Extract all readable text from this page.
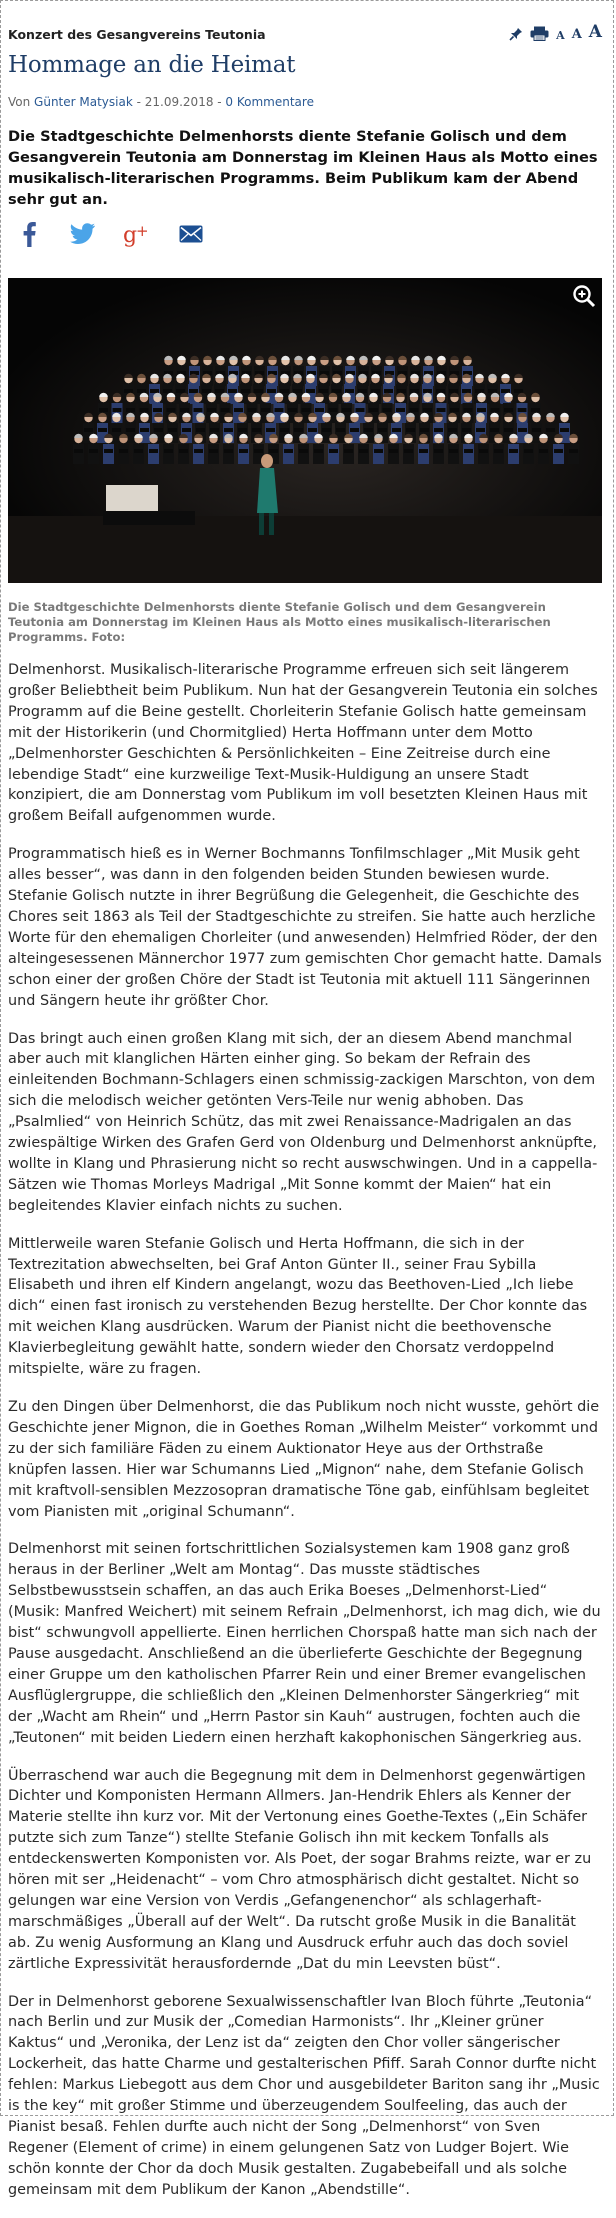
Konzert des Gesangvereins Teutonia	A A A
Hommage an die Heimat
Von Günter Matysiak - 21.09.2018 - 0 Kommentare
Die Stadtgeschichte Delmenhorsts diente Stefanie Golisch und dem Gesangverein Teutonia am Donnerstag im Kleinen Haus als Motto eines musikalisch-literarischen Programms. Beim Publikum kam der Abend sehr gut an.
g
+
Die Stadtgeschichte Delmenhorsts diente Stefanie Golisch und dem Gesangverein Teutonia am Donnerstag im Kleinen Haus als Motto eines musikalisch-literarischen Programms. Foto:

Delmenhorst. Musikalisch-literarische Programme erfreuen sich seit längerem großer Beliebtheit beim Publikum. Nun hat der Gesangverein Teutonia ein solches Programm auf die Beine gestellt. Chorleiterin Stefanie Golisch hatte gemeinsam mit der Historikerin (und Chormitglied) Herta Hoffmann unter dem Motto „Delmenhorster Geschichten & Persönlichkeiten – Eine Zeitreise durch eine lebendige Stadt“ eine kurzweilige Text-Musik-Huldigung an unsere Stadt konzipiert, die am Donnerstag vom Publikum im voll besetzten Kleinen Haus mit großem Beifall aufgenommen wurde.

Programmatisch hieß es in Werner Bochmanns Tonfilmschlager „Mit Musik geht alles besser“, was dann in den folgenden beiden Stunden bewiesen wurde. Stefanie Golisch nutzte in ihrer Begrüßung die Gelegenheit, die Geschichte des Chores seit 1863 als Teil der Stadtgeschichte zu streifen. Sie hatte auch herzliche Worte für den ehemaligen Chorleiter (und anwesenden) Helmfried Röder, der den alteingesessenen Männerchor 1977 zum gemischten Chor gemacht hatte. Damals schon einer der großen Chöre der Stadt ist Teutonia mit aktuell 111 Sängerinnen und Sängern heute ihr größter Chor.

Das bringt auch einen großen Klang mit sich, der an diesem Abend manchmal aber auch mit klanglichen Härten einher ging. So bekam der Refrain des einleitenden Bochmann-Schlagers einen schmissig-zackigen Marschton, von dem sich die melodisch weicher getönten Vers-Teile nur wenig abhoben. Das „Psalmlied“ von Heinrich Schütz, das mit zwei Renaissance-Madrigalen an das zwiespältige Wirken des Grafen Gerd von Oldenburg und Delmenhorst anknüpfte, wollte in Klang und Phrasierung nicht so recht auswschwingen. Und in a cappella-Sätzen wie Thomas Morleys Madrigal „Mit Sonne kommt der Maien“ hat ein begleitendes Klavier einfach nichts zu suchen.

Mittlerweile waren Stefanie Golisch und Herta Hoffmann, die sich in der Textrezitation abwechselten, bei Graf Anton Günter II., seiner Frau Sybilla Elisabeth und ihren elf Kindern angelangt, wozu das Beethoven-Lied „Ich liebe dich“ einen fast ironisch zu verstehenden Bezug herstellte. Der Chor konnte das mit weichen Klang ausdrücken. Warum der Pianist nicht die beethovensche Klavierbegleitung gewählt hatte, sondern wieder den Chorsatz verdoppelnd mitspielte, wäre zu fragen.

Zu den Dingen über Delmenhorst, die das Publikum noch nicht wusste, gehört die Geschichte jener Mignon, die in Goethes Roman „Wilhelm Meister“ vorkommt und zu der sich familiäre Fäden zu einem Auktionator Heye aus der Orthstraße knüpfen lassen. Hier war Schumanns Lied „Mignon“ nahe, dem Stefanie Golisch mit kraftvoll-sensiblen Mezzosopran dramatische Töne gab, einfühlsam begleitet vom Pianisten mit „original Schumann“.

Delmenhorst mit seinen fortschrittlichen Sozialsystemen kam 1908 ganz groß heraus in der Berliner „Welt am Montag“. Das musste städtisches Selbstbewusstsein schaffen, an das auch Erika Boeses „Delmenhorst-Lied“ (Musik: Manfred Weichert) mit seinem Refrain „Delmenhorst, ich mag dich, wie du bist“ schwungvoll appellierte. Einen herrlichen Chorspaß hatte man sich nach der Pause ausgedacht. Anschließend an die überlieferte Geschichte der Begegnung einer Gruppe um den katholischen Pfarrer Rein und einer Bremer evangelischen Ausflüglergruppe, die schließlich den „Kleinen Delmenhorster Sängerkrieg“ mit der „Wacht am Rhein“ und „Herrn Pastor sin Kauh“ austrugen, fochten auch die „Teutonen“ mit beiden Liedern einen herzhaft kakophonischen Sängerkrieg aus.

Überraschend war auch die Begegnung mit dem in Delmenhorst gegenwärtigen Dichter und Komponisten Hermann Allmers. Jan-Hendrik Ehlers als Kenner der Materie stellte ihn kurz vor. Mit der Vertonung eines Goethe-Textes („Ein Schäfer putzte sich zum Tanze“) stellte Stefanie Golisch ihn mit keckem Tonfalls als entdeckenswerten Komponisten vor. Als Poet, der sogar Brahms reizte, war er zu hören mit ser „Heidenacht“ – vom Chro atmosphärisch dicht gestaltet. Nicht so gelungen war eine Version von Verdis „Gefangenenchor“ als schlagerhaft-marschmäßiges „Überall auf der Welt“. Da rutscht große Musik in die Banalität ab. Zu wenig Ausformung an Klang und Ausdruck erfuhr auch das doch soviel zärtliche Expressivität herausfordernde „Dat du min Leevsten büst“.

Der in Delmenhorst geborene Sexualwissenschaftler Ivan Bloch führte „Teutonia“ nach Berlin und zur Musik der „Comedian Harmonists“. Ihr „Kleiner grüner Kaktus“ und „Veronika, der Lenz ist da“ zeigten den Chor voller sängerischer Lockerheit, das hatte Charme und gestalterischen Pfiff. Sarah Connor durfte nicht fehlen: Markus Liebegott aus dem Chor und ausgebildeter Bariton sang ihr „Music is the key“ mit großer Stimme und überzeugendem Soulfeeling, das auch der Pianist besaß. Fehlen durfte auch nicht der Song „Delmenhorst“ von Sven Regener (Element of crime) in einem gelungenen Satz von Ludger Bojert. Wie schön konnte der Chor da doch Musik gestalten. Zugabebeifall und als solche gemeinsam mit dem Publikum der Kanon „Abendstille“.
